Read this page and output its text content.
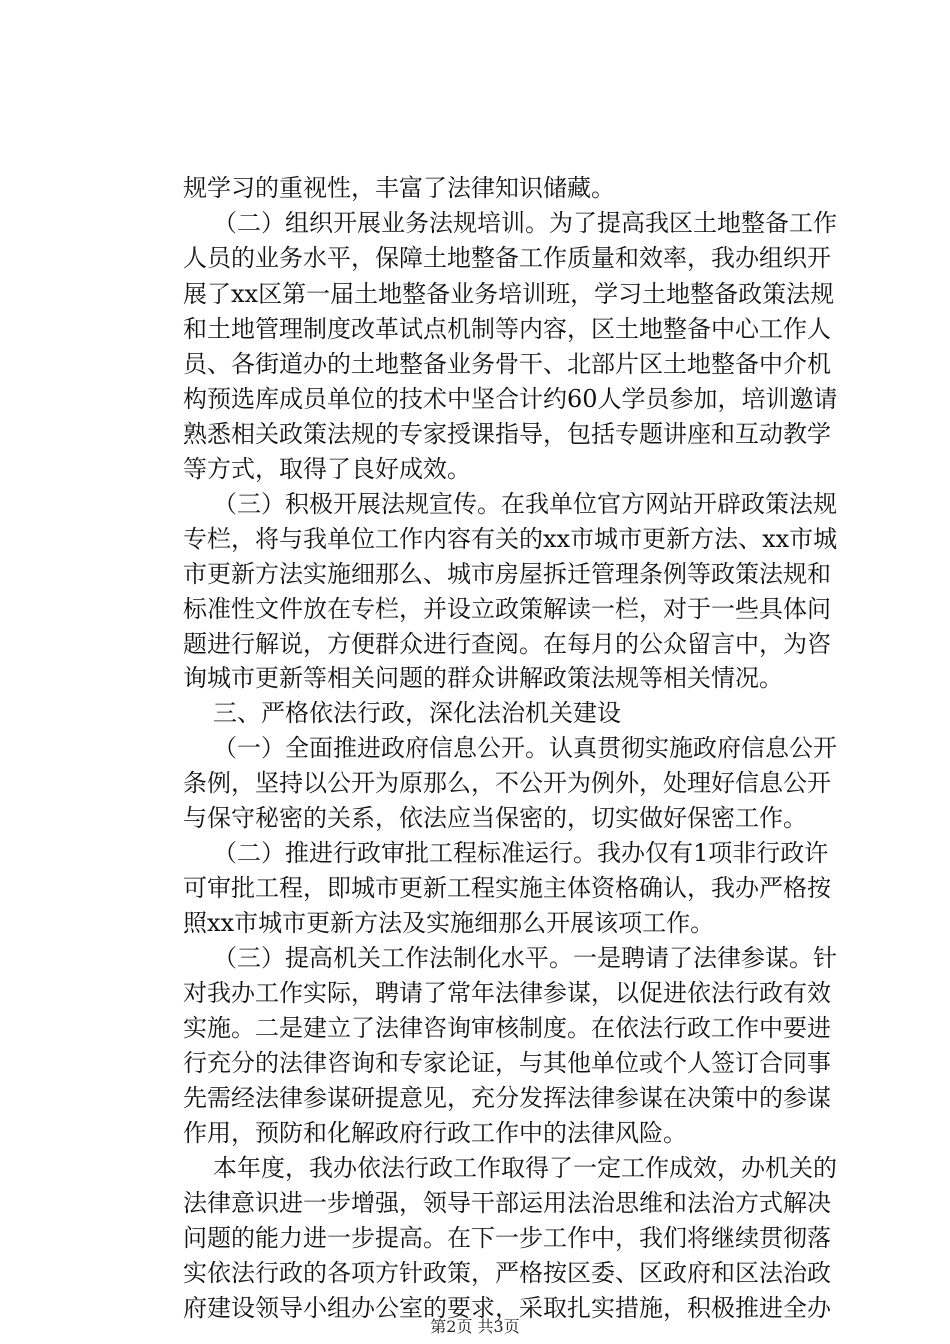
规学习的重视性，丰富了法律知识储藏。
（二）组织开展业务法规培训。为了提高我区土地整备工作
人员的业务水平，保障土地整备工作质量和效率，我办组织开
展了xx区第一届土地整备业务培训班，学习土地整备政策法规
和土地管理制度改革试点机制等内容，区土地整备中心工作人
员、各街道办的土地整备业务骨干、北部片区土地整备中介机
构预选库成员单位的技术中坚合计约60人学员参加，培训邀请
熟悉相关政策法规的专家授课指导，包括专题讲座和互动教学
等方式，取得了良好成效。
（三）积极开展法规宣传。在我单位官方网站开辟政策法规
专栏，将与我单位工作内容有关的xx市城市更新方法、xx市城
市更新方法实施细那么、城市房屋拆迁管理条例等政策法规和
标准性文件放在专栏，并设立政策解读一栏，对于一些具体问
题进行解说，方便群众进行查阅。在每月的公众留言中，为咨
询城市更新等相关问题的群众讲解政策法规等相关情况。
三、严格依法行政，深化法治机关建设
（一）全面推进政府信息公开。认真贯彻实施政府信息公开
条例，坚持以公开为原那么，不公开为例外，处理好信息公开
与保守秘密的关系，依法应当保密的，切实做好保密工作。
（二）推进行政审批工程标准运行。我办仅有1项非行政许
可审批工程，即城市更新工程实施主体资格确认，我办严格按
照xx市城市更新方法及实施细那么开展该项工作。
（三）提高机关工作法制化水平。一是聘请了法律参谋。针
对我办工作实际，聘请了常年法律参谋，以促进依法行政有效
实施。二是建立了法律咨询审核制度。在依法行政工作中要进
行充分的法律咨询和专家论证，与其他单位或个人签订合同事
先需经法律参谋研提意见，充分发挥法律参谋在决策中的参谋
作用，预防和化解政府行政工作中的法律风险。
本年度，我办依法行政工作取得了一定工作成效，办机关的
法律意识进一步增强，领导干部运用法治思维和法治方式解决
问题的能力进一步提高。在下一步工作中，我们将继续贯彻落
实依法行政的各项方针政策，严格按区委、区政府和区法治政
府建设领导小组办公室的要求，采取扎实措施，积极推进全办
第2页 共3页
